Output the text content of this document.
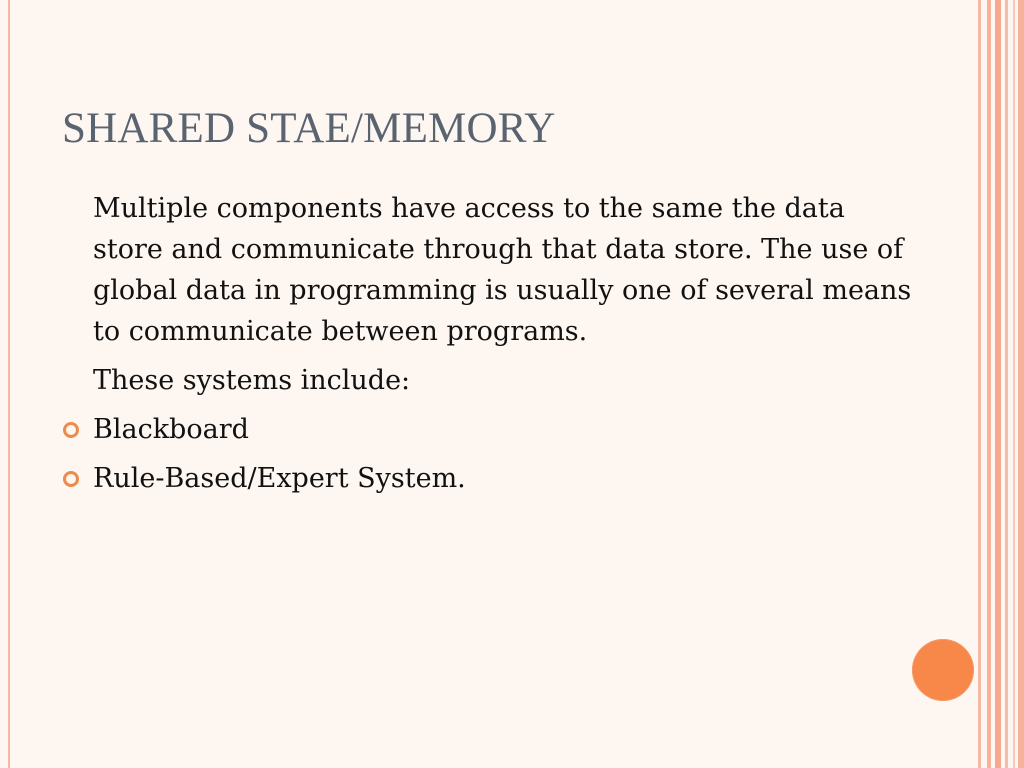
SHARED STAE/MEMORY

Multiple components have access to the same the data store and communicate through that data store. The use of global data in programming is usually one of several means to communicate between programs.

These systems include:

Blackboard
Rule-Based/Expert System.
